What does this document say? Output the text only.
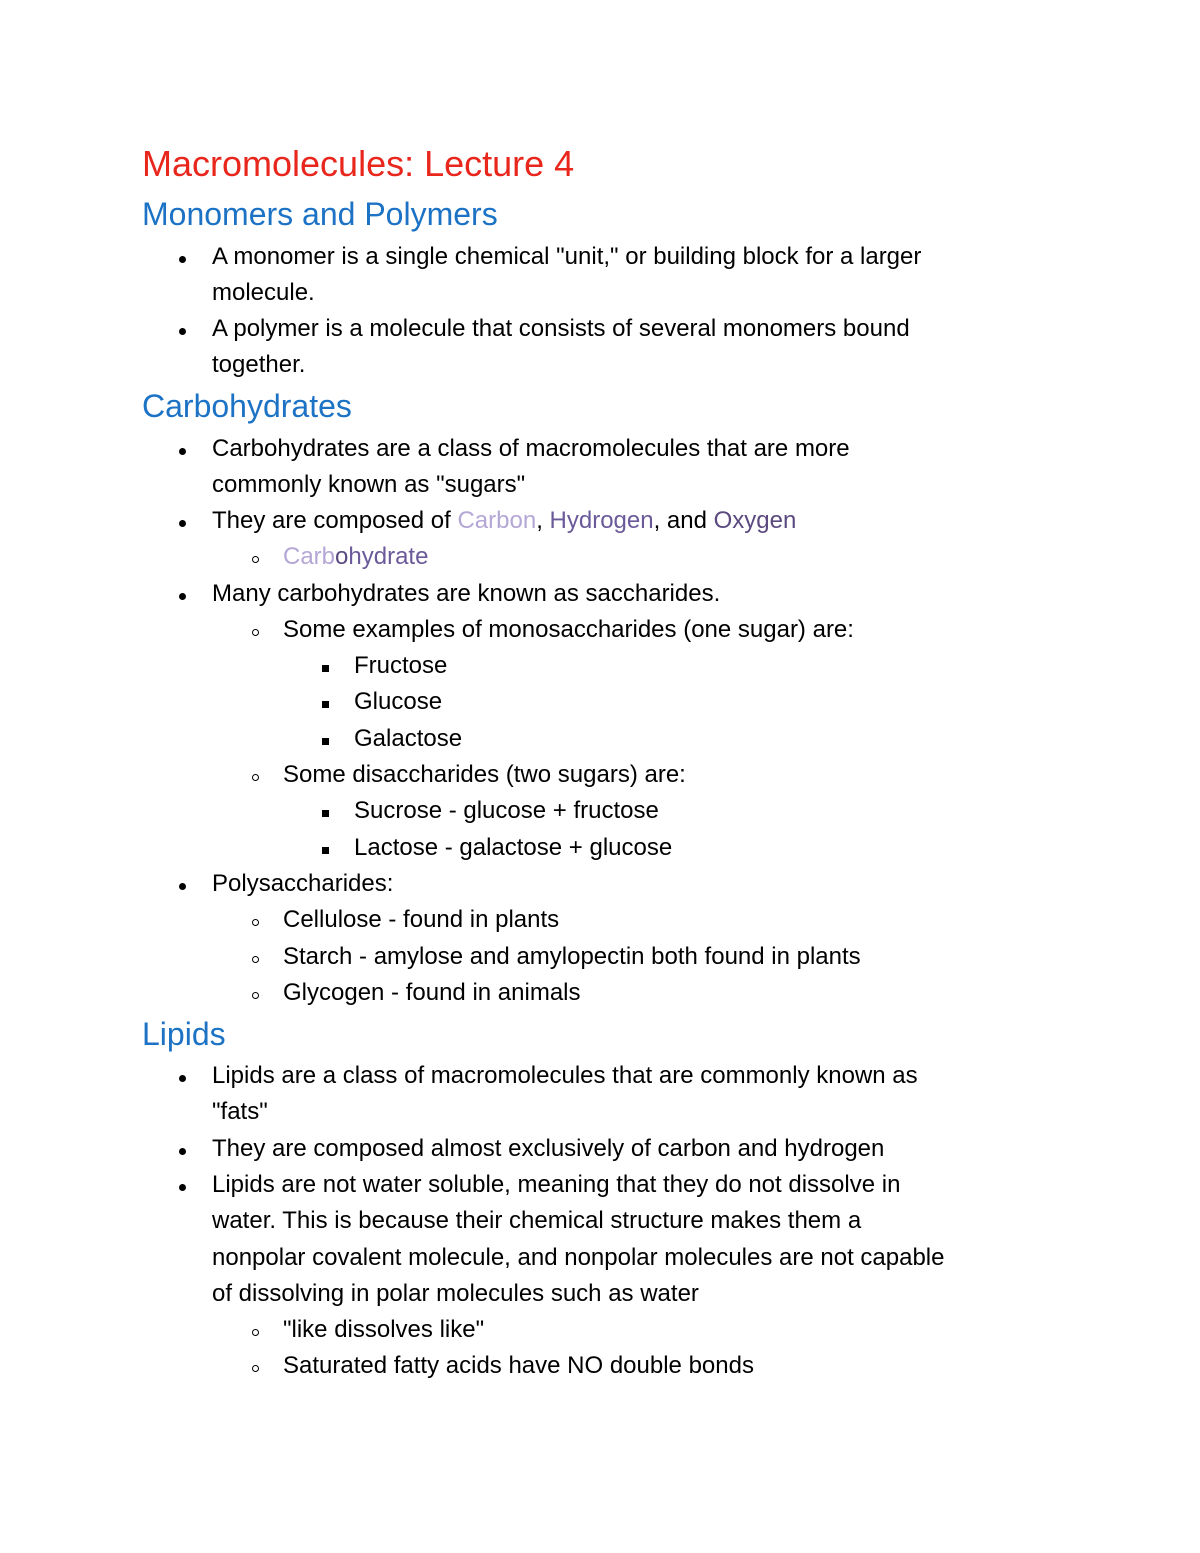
Macromolecules: Lecture 4
Monomers and Polymers
A monomer is a single chemical "unit," or building block for a larger
molecule.
A polymer is a molecule that consists of several monomers bound
together.
Carbohydrates
Carbohydrates are a class of macromolecules that are more
commonly known as "sugars"
They are composed of Carbon, Hydrogen, and Oxygen
Carbohydrate
Many carbohydrates are known as saccharides.
Some examples of monosaccharides (one sugar) are:
Fructose
Glucose
Galactose
Some disaccharides (two sugars) are:
Sucrose - glucose + fructose
Lactose - galactose + glucose
Polysaccharides:
Cellulose - found in plants
Starch - amylose and amylopectin both found in plants
Glycogen - found in animals
Lipids
Lipids are a class of macromolecules that are commonly known as
"fats"
They are composed almost exclusively of carbon and hydrogen
Lipids are not water soluble, meaning that they do not dissolve in
water. This is because their chemical structure makes them a
nonpolar covalent molecule, and nonpolar molecules are not capable
of dissolving in polar molecules such as water
"like dissolves like"
Saturated fatty acids have NO double bonds
